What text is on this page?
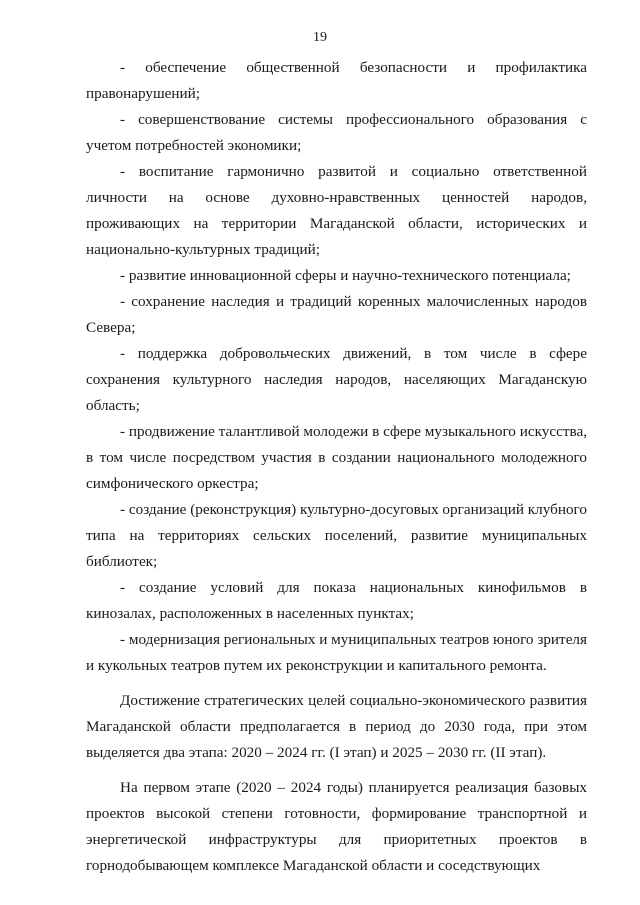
19

- обеспечение общественной безопасности и профилактика правонарушений;

- совершенствование системы профессионального образования с учетом потребностей экономики;

- воспитание гармонично развитой и социально ответственной личности на основе духовно-нравственных ценностей народов, проживающих на территории Магаданской области, исторических и национально-культурных традиций;

- развитие инновационной сферы и научно-технического потенциала;

- сохранение наследия и традиций коренных малочисленных народов Севера;

- поддержка добровольческих движений, в том числе в сфере сохранения культурного наследия народов, населяющих Магаданскую область;

- продвижение талантливой молодежи в сфере музыкального искусства, в том числе посредством участия в создании национального молодежного симфонического оркестра;

- создание (реконструкция) культурно-досуговых организаций клубного типа на территориях сельских поселений, развитие муниципальных библиотек;

- создание условий для показа национальных кинофильмов в кинозалах, расположенных в населенных пунктах;

- модернизация региональных и муниципальных театров юного зрителя и кукольных театров путем их реконструкции и капитального ремонта.

Достижение стратегических целей социально-экономического развития Магаданской области предполагается в период до 2030 года, при этом выделяется два этапа: 2020 – 2024 гг. (I этап) и 2025 – 2030 гг. (II этап).

На первом этапе (2020 – 2024 годы) планируется реализация базовых проектов высокой степени готовности, формирование транспортной и энергетической инфраструктуры для приоритетных проектов в горнодобывающем комплексе Магаданской области и соседствующих
